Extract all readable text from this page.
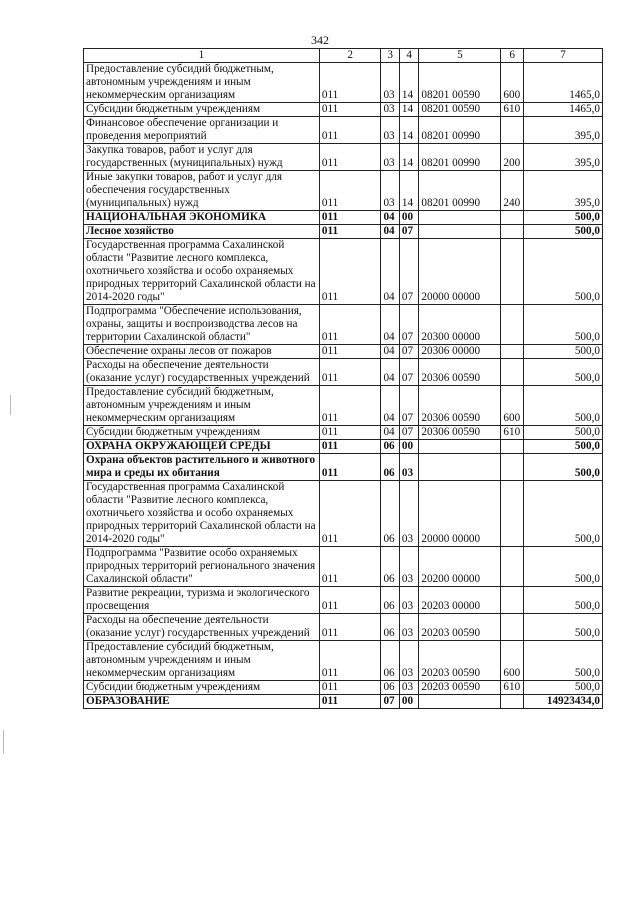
342
1	2	3	4	5	6	7
Предоставление субсидий бюджетным, автономным учреждениям и иным некоммерческим организациям	011	03	14	08201 00590	600	1465,0
Субсидии бюджетным учреждениям	011	03	14	08201 00590	610	1465,0
Финансовое обеспечение организации и проведения мероприятий	011	03	14	08201 00990		395,0
Закупка товаров, работ и услуг для государственных (муниципальных) нужд	011	03	14	08201 00990	200	395,0
Иные закупки товаров, работ и услуг для обеспечения государственных (муниципальных) нужд	011	03	14	08201 00990	240	395,0
НАЦИОНАЛЬНАЯ ЭКОНОМИКА	011	04	00			500,0
Лесное хозяйство	011	04	07			500,0
Государственная программа Сахалинской области "Развитие лесного комплекса, охотничьего хозяйства и особо охраняемых природных территорий Сахалинской области на 2014-2020 годы"	011	04	07	20000 00000		500,0
Подпрограмма "Обеспечение использования, охраны, защиты и воспроизводства лесов на территории Сахалинской области"	011	04	07	20300 00000		500,0
Обеспечение охраны лесов от пожаров	011	04	07	20306 00000		500,0
Расходы на обеспечение деятельности (оказание услуг) государственных учреждений	011	04	07	20306 00590		500,0
Предоставление субсидий бюджетным, автономным учреждениям и иным некоммерческим организациям	011	04	07	20306 00590	600	500,0
Субсидии бюджетным учреждениям	011	04	07	20306 00590	610	500,0
ОХРАНА ОКРУЖАЮЩЕЙ СРЕДЫ	011	06	00			500,0
Охрана объектов растительного и животного мира и среды их обитания	011	06	03			500,0
Государственная программа Сахалинской области "Развитие лесного комплекса, охотничьего хозяйства и особо охраняемых природных территорий Сахалинской области на 2014-2020 годы"	011	06	03	20000 00000		500,0
Подпрограмма "Развитие особо охраняемых природных территорий регионального значения Сахалинской области"	011	06	03	20200 00000		500,0
Развитие рекреации, туризма и экологического просвещения	011	06	03	20203 00000		500,0
Расходы на обеспечение деятельности (оказание услуг) государственных учреждений	011	06	03	20203 00590		500,0
Предоставление субсидий бюджетным, автономным учреждениям и иным некоммерческим организациям	011	06	03	20203 00590	600	500,0
Субсидии бюджетным учреждениям	011	06	03	20203 00590	610	500,0
ОБРАЗОВАНИЕ	011	07	00			14923434,0
